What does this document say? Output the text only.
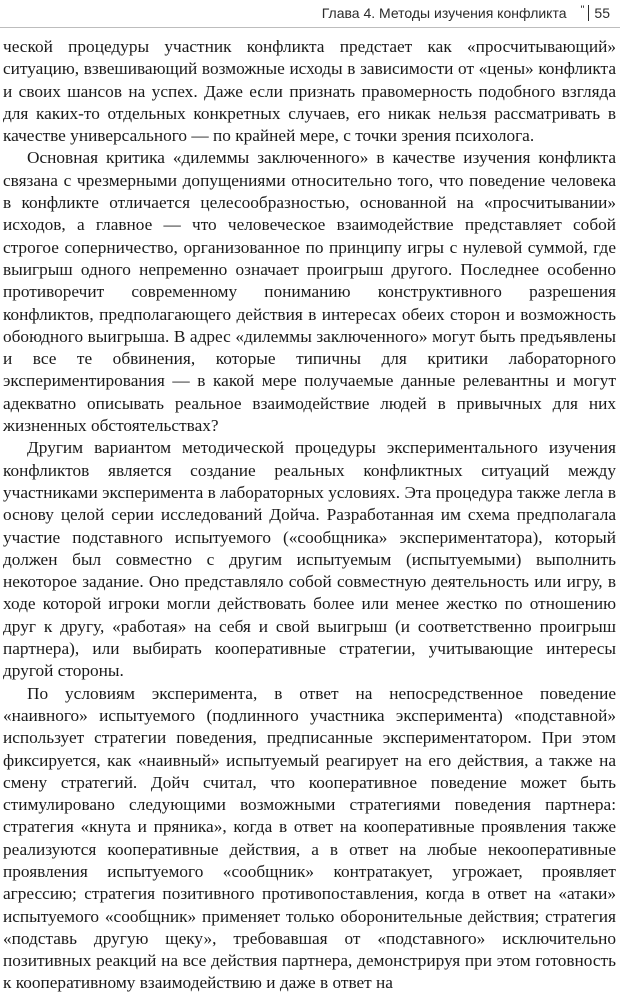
Глава 4. Методы изучения конфликта " 55

ческой процедуры участник конфликта предстает как «просчитывающий» ситуацию, взвешивающий возможные исходы в зависимости от «цены» конфликта и своих шансов на успех. Даже если признать правомерность подобного взгляда для каких-то отдельных конкретных случаев, его никак нельзя рассматривать в качестве универсального — по крайней мере, с точки зрения психолога.

Основная критика «дилеммы заключенного» в качестве изучения конфликта связана с чрезмерными допущениями относительно того, что поведение человека в конфликте отличается целесообразностью, основанной на «просчитывании» исходов, а главное — что человеческое взаимодействие представляет собой строгое соперничество, организованное по принципу игры с нулевой суммой, где выигрыш одного непременно означает проигрыш другого. Последнее особенно противоречит современному пониманию конструктивного разрешения конфликтов, предполагающего действия в интересах обеих сторон и возможность обоюдного выигрыша. В адрес «дилеммы заключенного» могут быть предъявлены и все те обвинения, которые типичны для критики лабораторного экспериментирования — в какой мере получаемые данные релевантны и могут адекватно описывать реальное взаимодействие людей в привычных для них жизненных обстоятельствах?

Другим вариантом методической процедуры экспериментального изучения конфликтов является создание реальных конфликтных ситуаций между участниками эксперимента в лабораторных условиях. Эта процедура также легла в основу целой серии исследований Дойча. Разработанная им схема предполагала участие подставного испытуемого («сообщника» экспериментатора), который должен был совместно с другим испытуемым (испытуемыми) выполнить некоторое задание. Оно представляло собой совместную деятельность или игру, в ходе которой игроки могли действовать более или менее жестко по отношению друг к другу, «работая» на себя и свой выигрыш (и соответственно проигрыш партнера), или выбирать кооперативные стратегии, учитывающие интересы другой стороны.

По условиям эксперимента, в ответ на непосредственное поведение «наивного» испытуемого (подлинного участника эксперимента) «подставной» использует стратегии поведения, предписанные экспериментатором. При этом фиксируется, как «наивный» испытуемый реагирует на его действия, а также на смену стратегий. Дойч считал, что кооперативное поведение может быть стимулировано следующими возможными стратегиями поведения партнера: стратегия «кнута и пряника», когда в ответ на кооперативные проявления также реализуются кооперативные действия, а в ответ на любые некооперативные проявления испытуемого «сообщник» контратакует, угрожает, проявляет агрессию; стратегия позитивного противопоставления, когда в ответ на «атаки» испытуемого «сообщник» применяет только оборонительные действия; стратегия «подставь другую щеку», требовавшая от «подставного» исключительно позитивных реакций на все действия партнера, демонстрируя при этом готовность к кооперативному взаимодействию и даже в ответ на
